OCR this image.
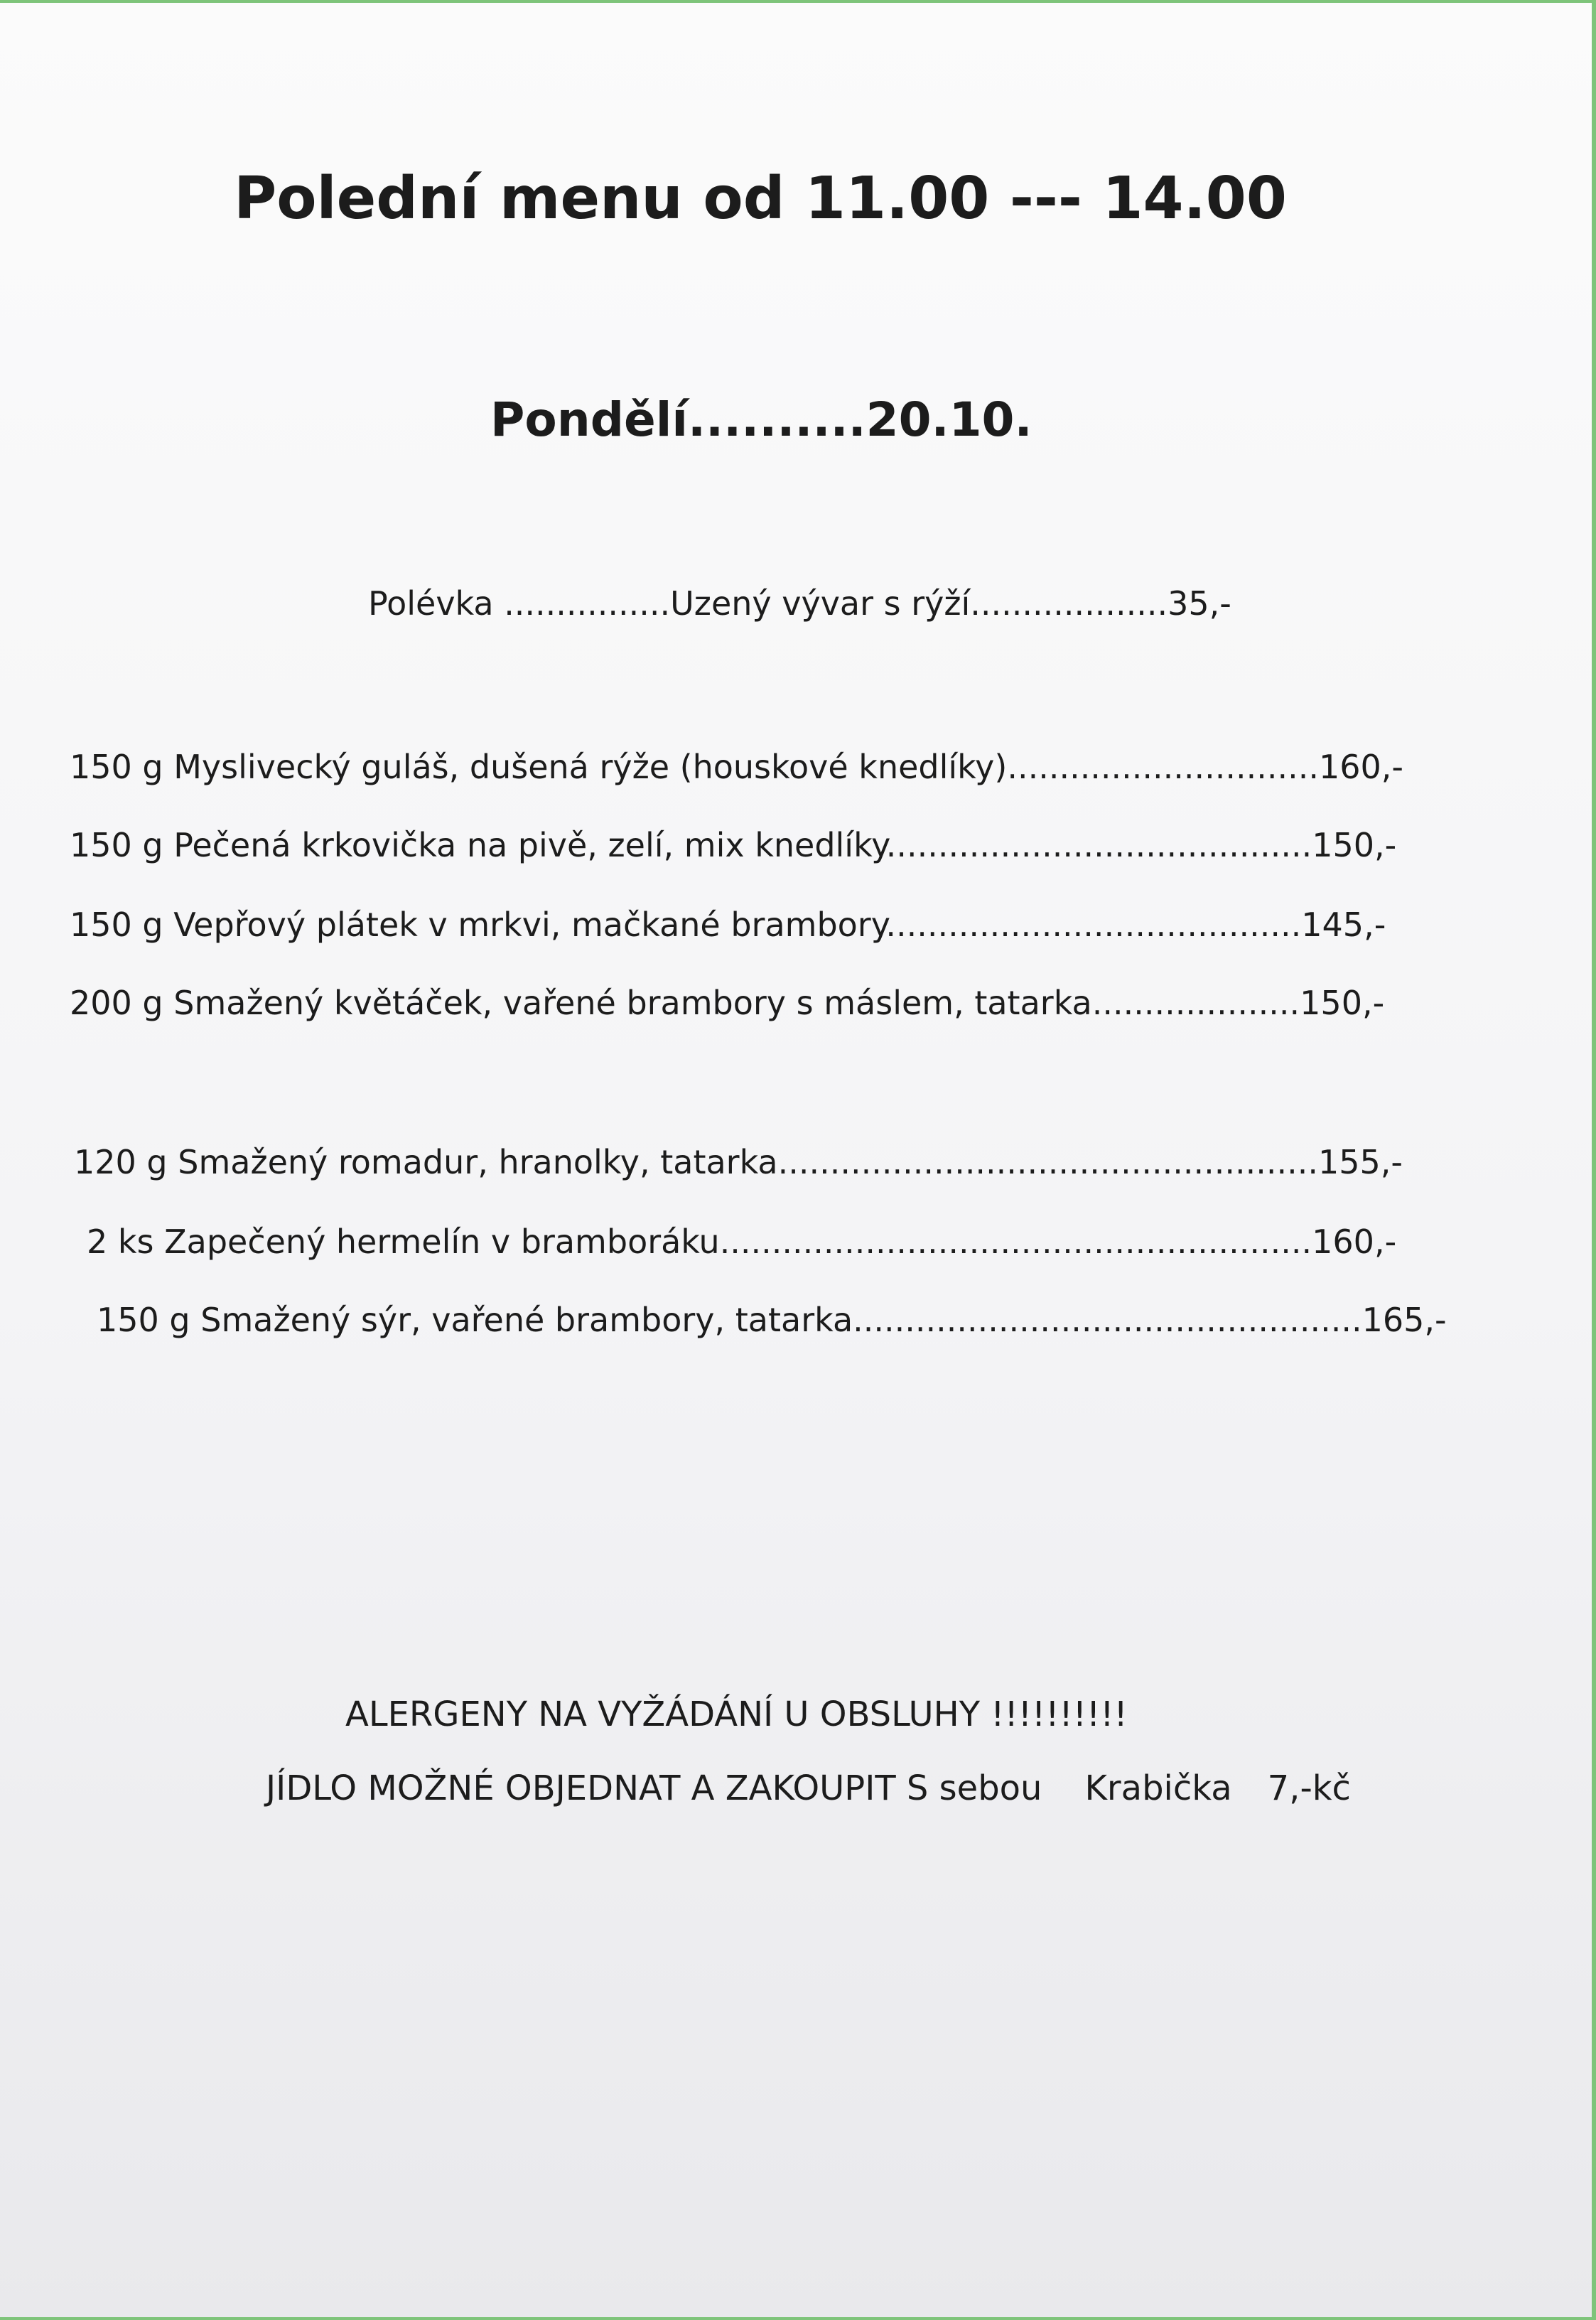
Polední menu od 11.00 --- 14.00
Pondělí..........20.10.
Polévka ................Uzený vývar s rýží...................35,-
150 g Myslivecký guláš, dušená rýže (houskové knedlíky)..............................160,-
150 g Pečená krkovička na pivě, zelí, mix knedlíky.........................................150,-
150 g Vepřový plátek v mrkvi, mačkané brambory........................................145,-
200 g Smažený květáček, vařené brambory s máslem, tatarka....................150,-
120 g Smažený romadur, hranolky, tatarka....................................................155,-
2 ks Zapečený hermelín v bramboráku.........................................................160,-
150 g Smažený sýr, vařené brambory, tatarka.................................................165,-
ALERGENY NA VYŽÁDÁNÍ U OBSLUHY !!!!!!!!!!
JÍDLO MOŽNÉ OBJEDNAT A ZAKOUPIT S sebou Krabička 7,-kč
